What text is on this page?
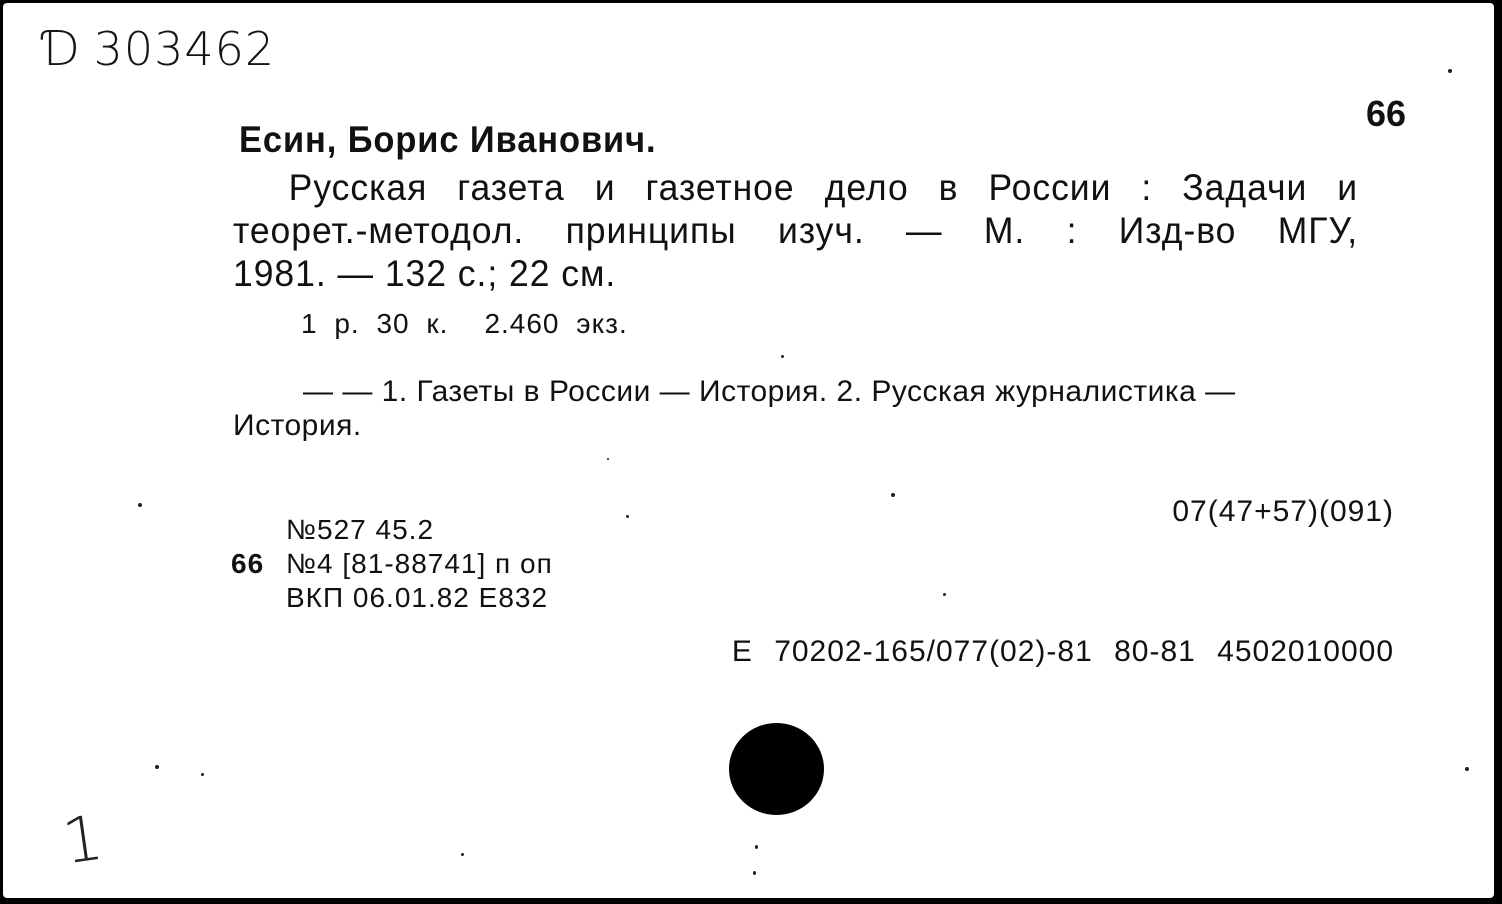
Ɗ 303462
66
Есин, Борис Иванович.
Русская газета и газетное дело в России : Задачи и
теорет.-методол. принципы изуч. — М. : Изд-во МГУ,
1981. — 132 с.; 22 см.
1 р. 30 к. 2.460 экз.
— — 1. Газеты в России — История. 2. Русская журналистика —
История.
07(47+57)(091)
№527 45.2
66 №4 [81-88741] п оп
ВКП 06.01.82 Е832
Е 70202-165/077(02)-81 80-81 4502010000
1
